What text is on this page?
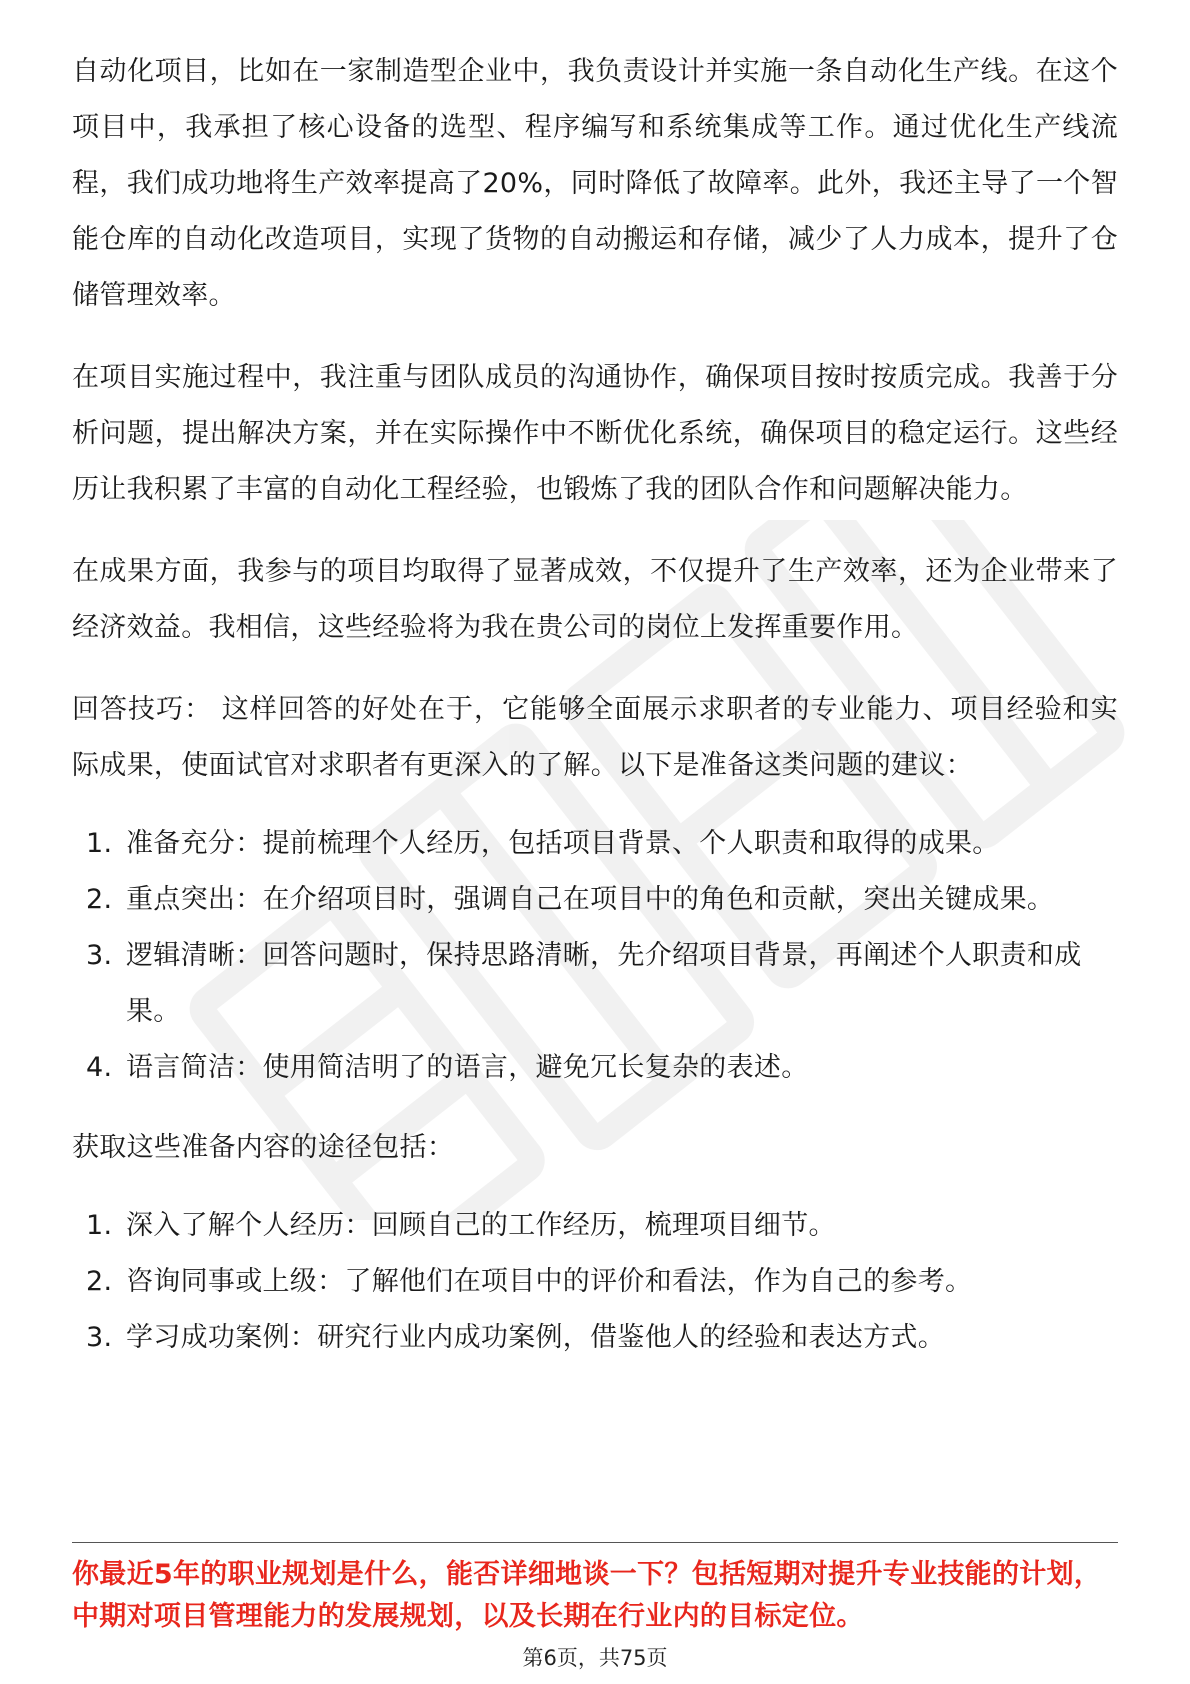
自动化项目，比如在一家制造型企业中，我负责设计并实施一条自动化生产线。在这个项目中，我承担了核心设备的选型、程序编写和系统集成等工作。通过优化生产线流程，我们成功地将生产效率提高了20%，同时降低了故障率。此外，我还主导了一个智能仓库的自动化改造项目，实现了货物的自动搬运和存储，减少了人力成本，提升了仓储管理效率。

在项目实施过程中，我注重与团队成员的沟通协作，确保项目按时按质完成。我善于分析问题，提出解决方案，并在实际操作中不断优化系统，确保项目的稳定运行。这些经历让我积累了丰富的自动化工程经验，也锻炼了我的团队合作和问题解决能力。

在成果方面，我参与的项目均取得了显著成效，不仅提升了生产效率，还为企业带来了经济效益。我相信，这些经验将为我在贵公司的岗位上发挥重要作用。

回答技巧： 这样回答的好处在于，它能够全面展示求职者的专业能力、项目经验和实际成果，使面试官对求职者有更深入的了解。以下是准备这类问题的建议：

1. 准备充分：提前梳理个人经历，包括项目背景、个人职责和取得的成果。
2. 重点突出：在介绍项目时，强调自己在项目中的角色和贡献，突出关键成果。
3. 逻辑清晰：回答问题时，保持思路清晰，先介绍项目背景，再阐述个人职责和成果。
4. 语言简洁：使用简洁明了的语言，避免冗长复杂的表述。

获取这些准备内容的途径包括：

1. 深入了解个人经历：回顾自己的工作经历，梳理项目细节。
2. 咨询同事或上级：了解他们在项目中的评价和看法，作为自己的参考。
3. 学习成功案例：研究行业内成功案例，借鉴他人的经验和表达方式。

你最近5年的职业规划是什么，能否详细地谈一下？包括短期对提升专业技能的计划，中期对项目管理能力的发展规划，以及长期在行业内的目标定位。

第6页，共75页
